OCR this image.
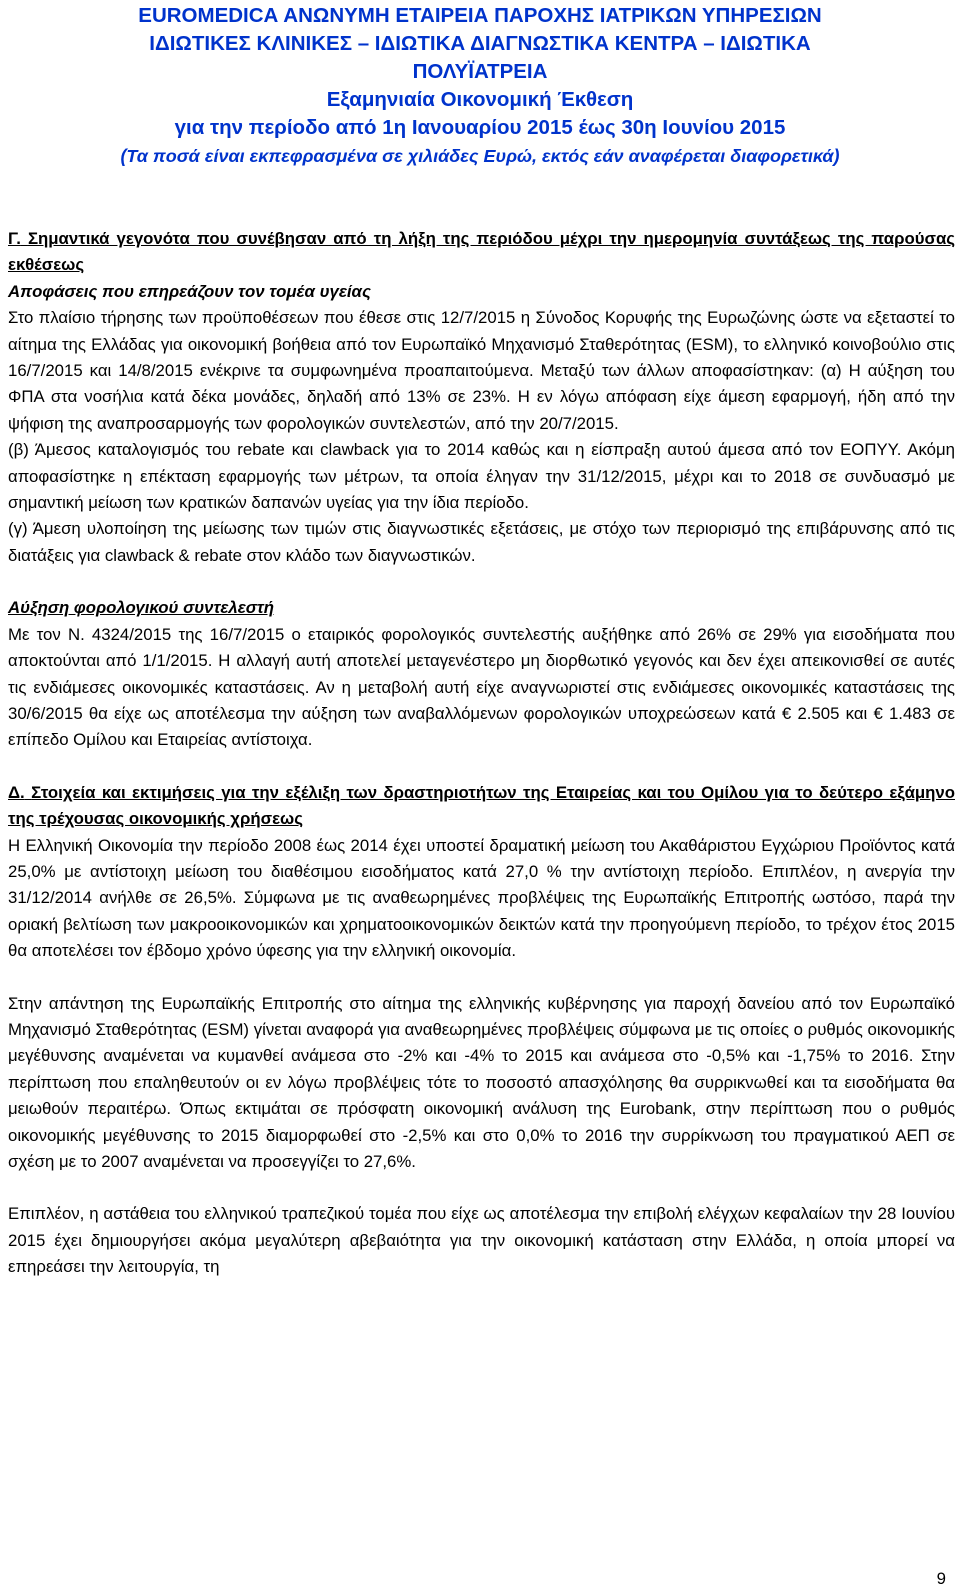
EUROMEDICA ΑΝΩΝΥΜΗ ΕΤΑΙΡΕΙΑ ΠΑΡΟΧΗΣ ΙΑΤΡΙΚΩΝ ΥΠΗΡΕΣΙΩΝ
ΙΔΙΩΤΙΚΕΣ ΚΛΙΝΙΚΕΣ – ΙΔΙΩΤΙΚΑ ΔΙΑΓΝΩΣΤΙΚΑ ΚΕΝΤΡΑ – ΙΔΙΩΤΙΚΑ
ΠΟΛΥΪΑΤΡΕΙΑ
Εξαμηνιαία Οικονομική Έκθεση
για την περίοδο από 1η Ιανουαρίου 2015 έως 30η Ιουνίου 2015
(Τα ποσά είναι εκπεφρασμένα σε χιλιάδες Ευρώ, εκτός εάν αναφέρεται διαφορετικά)

Γ. Σημαντικά γεγονότα που συνέβησαν από τη λήξη της περιόδου μέχρι την ημερομηνία συντάξεως της παρούσας εκθέσεως

Αποφάσεις που επηρεάζουν τον τομέα υγείας

Στο πλαίσιο τήρησης των προϋποθέσεων που έθεσε στις 12/7/2015 η Σύνοδος Κορυφής της Ευρωζώνης ώστε να εξεταστεί το αίτημα της Ελλάδας για οικονομική βοήθεια από τον Ευρωπαϊκό Μηχανισμό Σταθερότητας (ESM), το ελληνικό κοινοβούλιο στις 16/7/2015 και 14/8/2015 ενέκρινε τα συμφωνημένα προαπαιτούμενα. Μεταξύ των άλλων αποφασίστηκαν: (α) Η αύξηση του ΦΠΑ στα νοσήλια κατά δέκα μονάδες, δηλαδή από 13% σε 23%. Η εν λόγω απόφαση είχε άμεση εφαρμογή, ήδη από την ψήφιση της αναπροσαρμογής των φορολογικών συντελεστών, από την 20/7/2015.

(β) Άμεσος καταλογισμός του rebate και clawback για το 2014 καθώς και η είσπραξη αυτού άμεσα από τον ΕΟΠΥΥ. Ακόμη αποφασίστηκε η επέκταση εφαρμογής των μέτρων, τα οποία έληγαν την 31/12/2015, μέχρι και το 2018 σε συνδυασμό με σημαντική μείωση των κρατικών δαπανών υγείας για την ίδια περίοδο.

(γ) Άμεση υλοποίηση της μείωσης των τιμών στις διαγνωστικές εξετάσεις, με στόχο των περιορισμό της επιβάρυνσης από τις διατάξεις για clawback & rebate στον κλάδο των διαγνωστικών.

Αύξηση φορολογικού συντελεστή

Με τον Ν. 4324/2015 της 16/7/2015 ο εταιρικός φορολογικός συντελεστής αυξήθηκε από 26% σε 29% για εισοδήματα που αποκτούνται από 1/1/2015. Η αλλαγή αυτή αποτελεί μεταγενέστερο μη διορθωτικό γεγονός και δεν έχει απεικονισθεί σε αυτές τις ενδιάμεσες οικονομικές καταστάσεις. Αν η μεταβολή αυτή είχε αναγνωριστεί στις ενδιάμεσες οικονομικές καταστάσεις της 30/6/2015 θα είχε ως αποτέλεσμα την αύξηση των αναβαλλόμενων φορολογικών υποχρεώσεων κατά € 2.505 και € 1.483 σε επίπεδο Ομίλου και Εταιρείας αντίστοιχα.

Δ. Στοιχεία και εκτιμήσεις για την εξέλιξη των δραστηριοτήτων της Εταιρείας και του Ομίλου για το δεύτερο εξάμηνο της τρέχουσας οικονομικής χρήσεως

Η Ελληνική Οικονομία την περίοδο 2008 έως 2014 έχει υποστεί δραματική μείωση του Ακαθάριστου Εγχώριου Προϊόντος κατά 25,0% με αντίστοιχη μείωση του διαθέσιμου εισοδήματος κατά 27,0 % την αντίστοιχη περίοδο. Επιπλέον, η ανεργία την 31/12/2014 ανήλθε σε 26,5%. Σύμφωνα με τις αναθεωρημένες προβλέψεις της Ευρωπαϊκής Επιτροπής ωστόσο, παρά την οριακή βελτίωση των μακροοικονομικών και χρηματοοικονομικών δεικτών κατά την προηγούμενη περίοδο, το τρέχον έτος 2015 θα αποτελέσει τον έβδομο χρόνο ύφεσης για την ελληνική οικονομία.

Στην απάντηση της Ευρωπαϊκής Επιτροπής στο αίτημα της ελληνικής κυβέρνησης για παροχή δανείου από τον Ευρωπαϊκό Μηχανισμό Σταθερότητας (ESM) γίνεται αναφορά για αναθεωρημένες προβλέψεις σύμφωνα με τις οποίες ο ρυθμός οικονομικής μεγέθυνσης αναμένεται να κυμανθεί ανάμεσα στο -2% και -4% το 2015 και ανάμεσα στο -0,5% και -1,75% το 2016. Στην περίπτωση που επαληθευτούν οι εν λόγω προβλέψεις τότε το ποσοστό απασχόλησης θα συρρικνωθεί και τα εισοδήματα θα μειωθούν περαιτέρω. Όπως εκτιμάται σε πρόσφατη οικονομική ανάλυση της Eurobank, στην περίπτωση που ο ρυθμός οικονομικής μεγέθυνσης το 2015 διαμορφωθεί στο -2,5% και στο 0,0% το 2016 την συρρίκνωση του πραγματικού ΑΕΠ σε σχέση με το 2007 αναμένεται να προσεγγίζει το 27,6%.

Επιπλέον, η αστάθεια του ελληνικού τραπεζικού τομέα που είχε ως αποτέλεσμα την επιβολή ελέγχων κεφαλαίων την 28 Ιουνίου 2015 έχει δημιουργήσει ακόμα μεγαλύτερη αβεβαιότητα για την οικονομική κατάσταση στην Ελλάδα, η οποία μπορεί να επηρεάσει την λειτουργία, τη

9
